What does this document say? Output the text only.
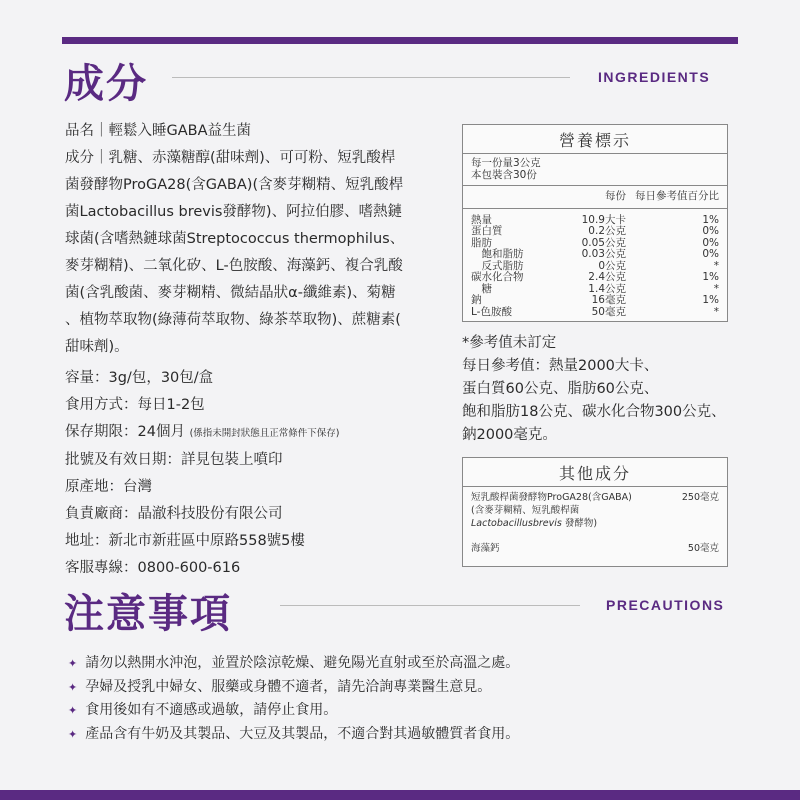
成分	INGREDIENTS
品名｜輕鬆入睡GABA益生菌
成分｜乳糖、赤藻糖醇(甜味劑)、可可粉、短乳酸桿
菌發酵物ProGA28(含GABA)(含麥芽糊精、短乳酸桿
菌Lactobacillus brevis發酵物)、阿拉伯膠、嗜熱鏈
球菌(含嗜熱鏈球菌Streptococcus thermophilus、
麥芽糊精)、二氧化矽、L-色胺酸、海藻鈣、複合乳酸
菌(含乳酸菌、麥芽糊精、微結晶狀α-纖維素)、菊糖
、植物萃取物(綠薄荷萃取物、綠茶萃取物)、蔗糖素(
甜味劑)。
容量：3g/包，30包/盒
食用方式：每日1-2包
保存期限：24個月 (係指未開封狀態且正常條件下保存)
批號及有效日期：詳見包裝上噴印
原產地：台灣
負責廠商：晶澈科技股份有限公司
地址：新北市新莊區中原路558號5樓
客服專線：0800-600-616
營養標示
每一份量3公克
本包裝含30份
每份 每日參考值百分比
熱量	10.9大卡	1%
蛋白質	0.2公克	0%
脂肪	0.05公克	0%
　飽和脂肪	0.03公克	0%
　反式脂肪	0公克	*
碳水化合物	2.4公克	1%
　糖	1.4公克	*
鈉	16毫克	1%
L-色胺酸	50毫克	*
*參考值未訂定
每日參考值：熱量2000大卡、
蛋白質60公克、脂肪60公克、
飽和脂肪18公克、碳水化合物300公克、
鈉2000毫克。
其他成分
短乳酸桿菌發酵物ProGA28(含GABA)	250毫克
(含麥芽糊精、短乳酸桿菌
Lactobacillusbrevis 發酵物)
海藻鈣	50毫克
注意事項	PRECAUTIONS
✦ 請勿以熱開水沖泡，並置於陰涼乾燥、避免陽光直射或至於高溫之處。
✦ 孕婦及授乳中婦女、服藥或身體不適者，請先洽詢專業醫生意見。
✦ 食用後如有不適感或過敏，請停止食用。
✦ 產品含有牛奶及其製品、大豆及其製品，不適合對其過敏體質者食用。
